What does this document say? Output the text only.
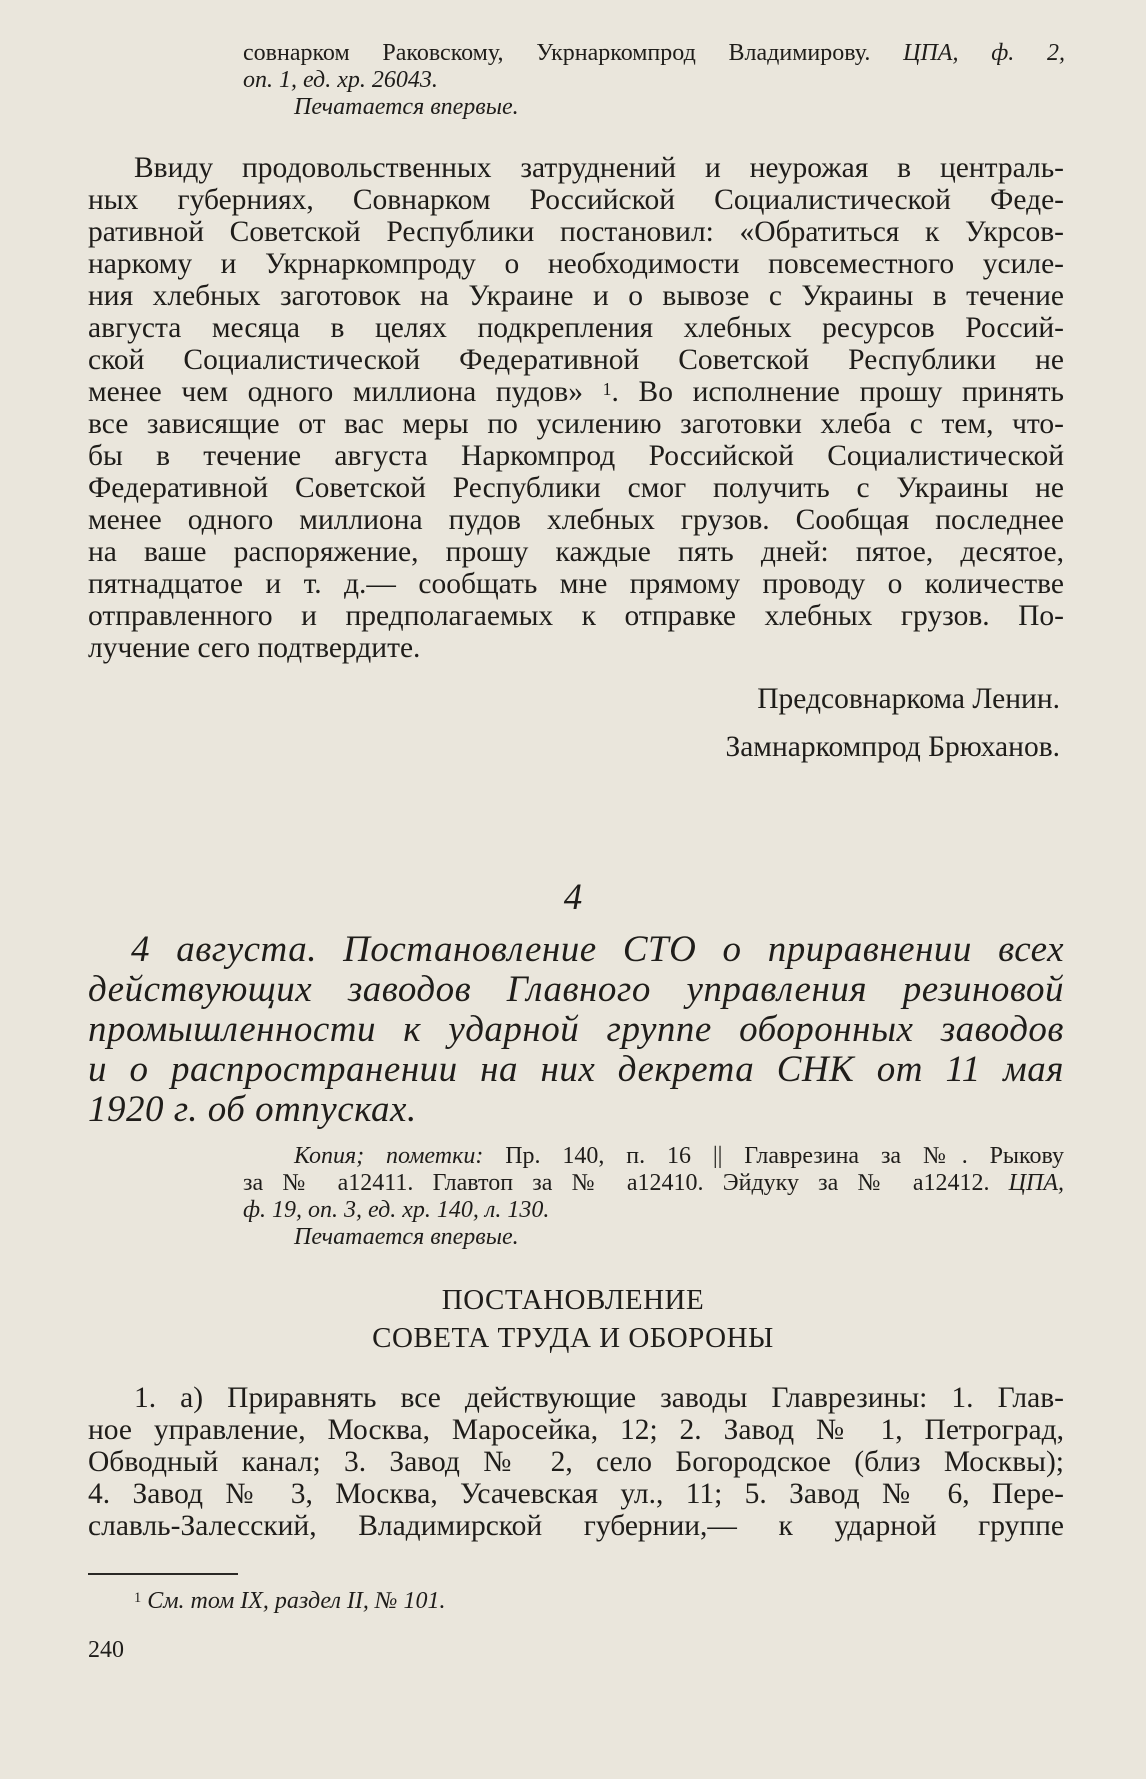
совнарком Раковскому, Укрнаркомпрод Владимирову. ЦПА, ф. 2,
оп. 1, ед. хр. 26043.
Печатается впервые.
Ввиду продовольственных затруднений и неурожая в централь-
ных губерниях, Совнарком Российской Социалистической Феде-
ративной Советской Республики постановил: «Обратиться к Укрсов-
наркому и Укрнаркомпроду о необходимости повсеместного усиле-
ния хлебных заготовок на Украине и о вывозе с Украины в течение
августа месяца в целях подкрепления хлебных ресурсов Россий-
ской Социалистической Федеративной Советской Республики не
менее чем одного миллиона пудов» $^1$. Во исполнение прошу принять
все зависящие от вас меры по усилению заготовки хлеба с тем, что-
бы в течение августа Наркомпрод Российской Социалистической
Федеративной Советской Республики смог получить с Украины не
менее одного миллиона пудов хлебных грузов. Сообщая последнее
на ваше распоряжение, прошу каждые пять дней: пятое, десятое,
пятнадцатое и т. д.— сообщать мне прямому проводу о количестве
отправленного и предполагаемых к отправке хлебных грузов. По-
лучение сего подтвердите.
Предсовнаркома Ленин.
Замнаркомпрод Брюханов.
4
4 августа. Постановление СТО о приравнении всех
действующих заводов Главного управления резиновой
промышленности к ударной группе оборонных заводов
и о распространении на них декрета СНК от 11 мая
1920 г. об отпусках.
Копия; пометки: Пр. 140, п. 16 || Главрезина за №. Рыкову
за № а12411. Главтоп за № а12410. Эйдуку за № а12412. ЦПА,
ф. 19, оп. 3, ед. хр. 140, л. 130.
Печатается впервые.
ПОСТАНОВЛЕНИЕ
СОВЕТА ТРУДА И ОБОРОНЫ
1. а) Приравнять все действующие заводы Главрезины: 1. Глав-
ное управление, Москва, Маросейка, 12; 2. Завод № 1, Петроград,
Обводный канал; 3. Завод № 2, село Богородское (близ Москвы);
4. Завод № 3, Москва, Усачевская ул., 11; 5. Завод № 6, Пере-
славль-Залесский, Владимирской губернии,— к ударной группе
$^1$ См. том IX, раздел II, № 101.
240
